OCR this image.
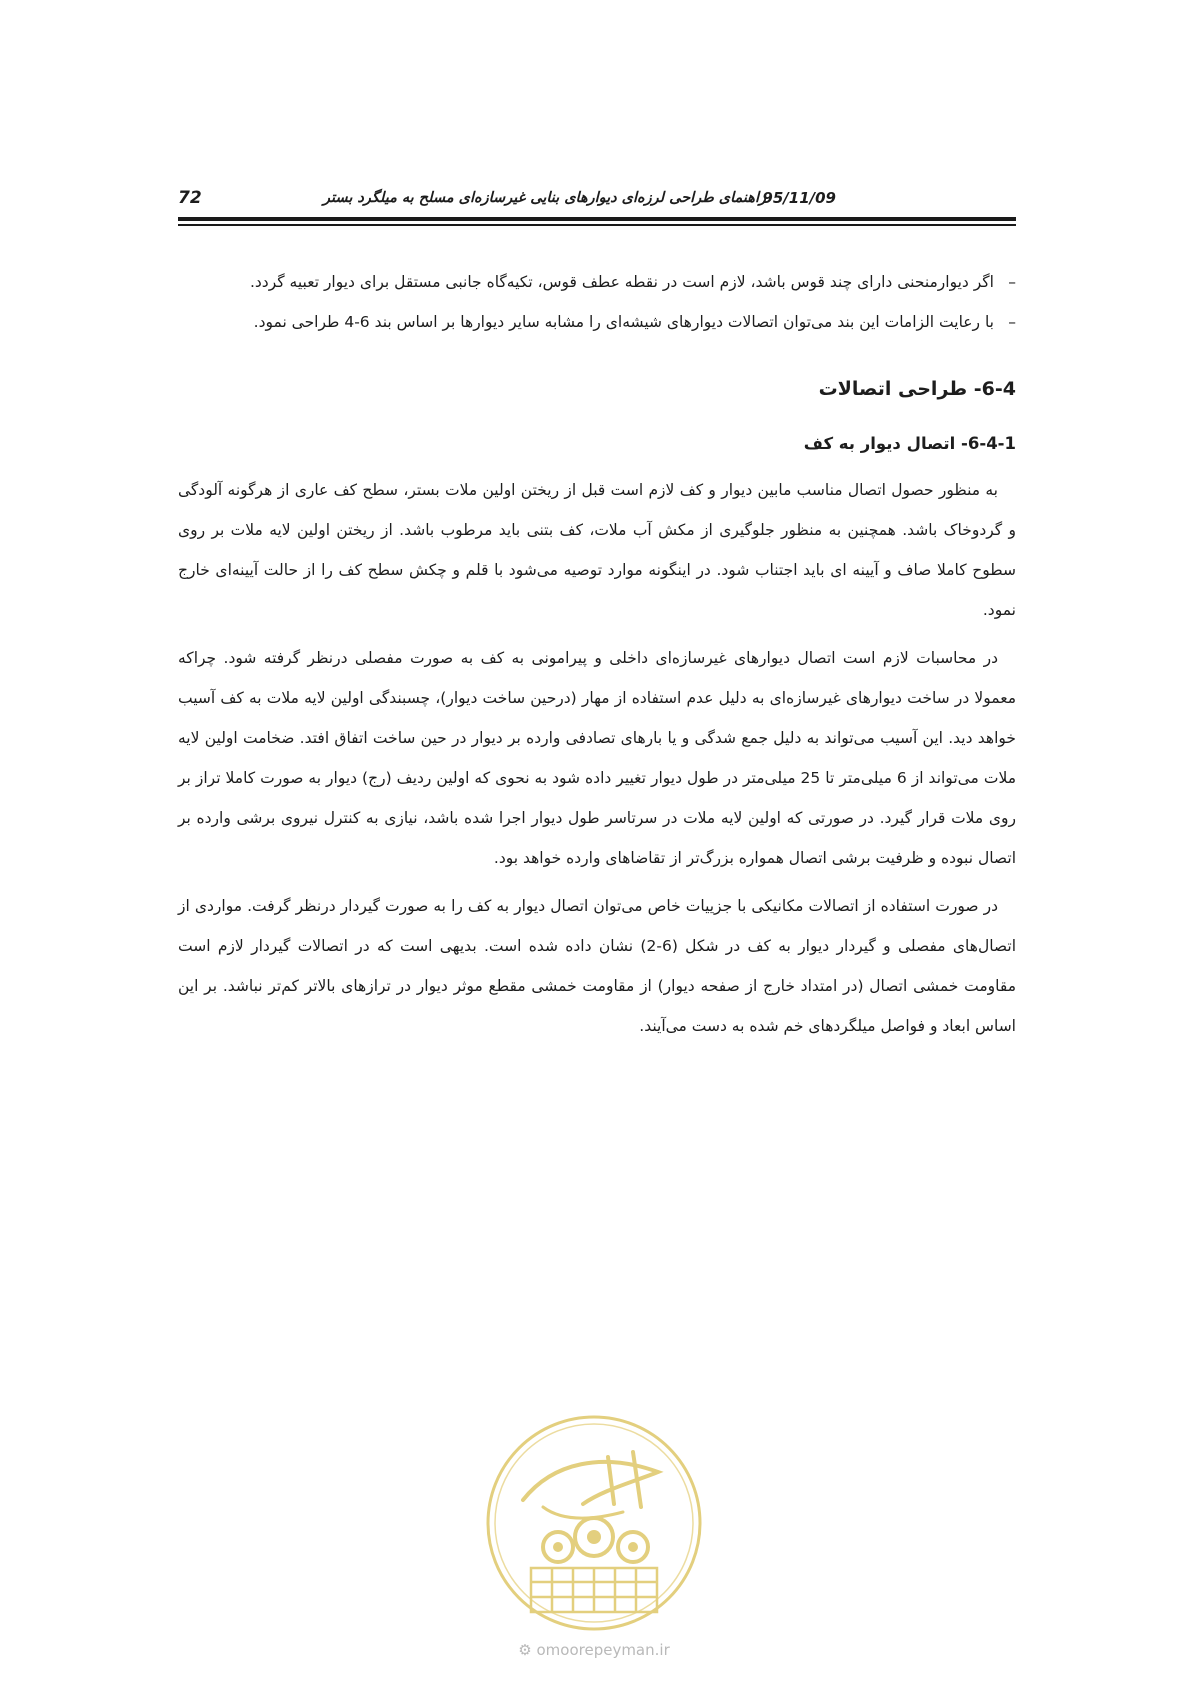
راهنمای طراحی لرزه‌ای دیوارهای بنایی غیرسازه‌ای مسلح به میلگرد بستر
95/11/09
72

–
اگر دیوارمنحنی دارای چند قوس باشد، لازم است در نقطه عطف قوس، تکیه‌گاه جانبی مستقل برای دیوار تعبیه گردد.

–
با رعایت الزامات این بند می‌توان اتصالات دیوارهای شیشه‌ای را مشابه سایر دیوارها بر اساس بند 6-4 طراحی نمود.

6-4- طراحی اتصالات
6-4-1- اتصال دیوار به کف

به منظور حصول اتصال مناسب مابین دیوار و کف لازم است قبل از ریختن اولین ملات بستر، سطح کف عاری از هرگونه آلودگی و گردوخاک باشد. همچنین به منظور جلوگیری از مکش آب ملات، کف بتنی باید مرطوب باشد. از ریختن اولین لایه ملات بر روی سطوح کاملا صاف و آیینه ای باید اجتناب شود. در اینگونه موارد توصیه می‌شود با قلم و چکش سطح کف را از حالت آیینه‌ای خارج نمود.

در محاسبات لازم است اتصال دیوارهای غیرسازه‌ای داخلی و پیرامونی به کف به صورت مفصلی درنظر گرفته شود. چراکه معمولا در ساخت دیوارهای غیرسازه‌ای به دلیل عدم استفاده از مهار (درحین ساخت دیوار)، چسبندگی اولین لایه ملات به کف آسیب خواهد دید. این آسیب می‌تواند به دلیل جمع شدگی و یا بارهای تصادفی وارده بر دیوار در حین ساخت اتفاق افتد. ضخامت اولین لایه ملات می‌تواند از 6 میلی‌متر تا 25 میلی‌متر در طول دیوار تغییر داده شود به نحوی که اولین ردیف (رج) دیوار به صورت کاملا تراز بر روی ملات قرار گیرد. در صورتی که اولین لایه ملات در سرتاسر طول دیوار اجرا شده باشد، نیازی به کنترل نیروی برشی وارده بر اتصال نبوده و ظرفیت برشی اتصال همواره بزرگ‌تر از تقاضاهای وارده خواهد بود.

در صورت استفاده از اتصالات مکانیکی با جزییات خاص می‌توان اتصال دیوار به کف را به صورت گیردار درنظر گرفت. مواردی از اتصال‌های مفصلی و گیردار دیوار به کف در شکل (6-2) نشان داده شده است. بدیهی است که در اتصالات گیردار لازم است مقاومت خمشی اتصال (در امتداد خارج از صفحه دیوار) از مقاومت خمشی مقطع موثر دیوار در ترازهای بالاتر کم‌تر نباشد. بر این اساس ابعاد و فواصل میلگردهای خم شده به دست می‌آیند.

⚙ omoorepeyman.ir
